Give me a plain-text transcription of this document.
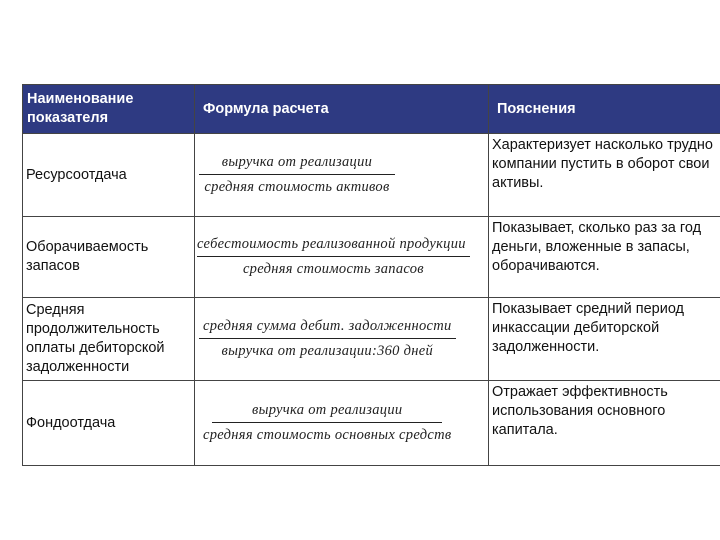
Наименование показателя	Формула расчета	Пояснения
Ресурсоотдача	$\frac{\text{выручка от реализации}}{\text{средняя стоимость активов}}$	Характеризует насколько трудно компании пустить в оборот свои активы.
Оборачиваемость запасов	$\frac{\text{себестоимость реализованной продукции}}{\text{средняя стоимость запасов}}$	Показывает, сколько раз за год деньги, вложенные в запасы, оборачиваются.
Средняя продолжительность оплаты дебиторской задолженности	$\frac{\text{средняя сумма дебит. задолженности}}{\text{выручка от реализации:360 дней}}$	Показывает средний период инкассации дебиторской задолженности.
Фондоотдача	$\frac{\text{выручка от реализации}}{\text{средняя стоимость основных средств}}$	Отражает эффективность использования основного капитала.
